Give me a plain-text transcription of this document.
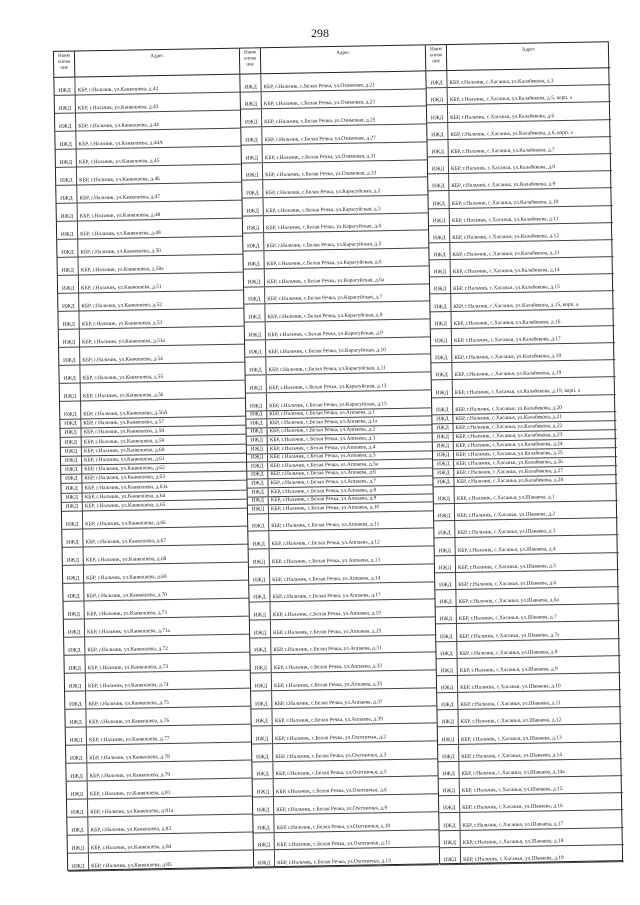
298
Наим енова ние
Адрес
ИЖД	КБР, г.Нальчик, ул.Канкошева, д.42
ИЖД	КБР, г.Нальчик, ул.Канкошева, д.43
ИЖД	КБР, г.Нальчик, ул.Канкошева, д.44
ИЖД	КБР, г.Нальчик, ул.Канкошева, д.44А
ИЖД	КБР, г.Нальчик, ул.Канкошева, д.45
ИЖД	КБР, г.Нальчик, ул.Канкошева, д.46
ИЖД	КБР, г.Нальчик, ул.Канкошева, д.47
ИЖД	КБР, г.Нальчик, ул.Канкошева, д.48
ИЖД	КБР, г.Нальчик, ул.Канкошева, д.49
ИЖД	КБР, г.Нальчик, ул.Канкошева, д.50
ИЖД	КБР, г.Нальчик, ул.Канкошева, д.50а
ИЖД	КБР, г.Нальчик, ул.Канкошева, д.51
ИЖД	КБР, г.Нальчик, ул.Канкошева, д.52
ИЖД	КБР, г.Нальчик, ул.Канкошева, д.53
ИЖД	КБР, г.Нальчик, ул.Канкошева, д.53а
ИЖД	КБР, г.Нальчик, ул.Канкошева, д.54
ИЖД	КБР, г.Нальчик, ул.Канкошева, д.55
ИЖД	КБР, г.Нальчик, ул.Канкошева, д.56
ИЖД	КБР, г.Нальчик, ул.Канкошева, д.56А
ИЖД	КБР, г.Нальчик, ул.Канкошева, д.57
ИЖД	КБР, г.Нальчик, ул.Канкошева, д.58
ИЖД	КБР, г.Нальчик, ул.Канкошева, д.59
ИЖД	КБР, г.Нальчик, ул.Канкошева, д.60
ИЖД	КБР, г.Нальчик, ул.Канкошева, д.61
ИЖД	КБР, г.Нальчик, ул.Канкошева, д.62
ИЖД	КБР, г.Нальчик, ул.Канкошева, д.63
ИЖД	КБР, г.Нальчик, ул.Канкошева, д.63а
ИЖД	КБР, г.Нальчик, ул.Канкошева, д.64
ИЖД	КБР, г.Нальчик, ул.Канкошева, д.65
ИЖД	КБР, г.Нальчик, ул.Канкошева, д.66
ИЖД	КБР, г.Нальчик, ул.Канкошева, д.67
ИЖД	КБР, г.Нальчик, ул.Канкошева, д.68
ИЖД	КБР, г.Нальчик, ул.Канкошева, д.69
ИЖД	КБР, г.Нальчик, ул.Канкошева, д.70
ИЖД	КБР, г.Нальчик, ул.Канкошева, д.71
ИЖД	КБР, г.Нальчик, ул.Канкошева, д.71а
ИЖД	КБР, г.Нальчик, ул.Канкошева, д.72
ИЖД	КБР, г.Нальчик, ул.Канкошева, д.73
ИЖД	КБР, г.Нальчик, ул.Канкошева, д.74
ИЖД	КБР, г.Нальчик, ул.Канкошева, д.75
ИЖД	КБР, г.Нальчик, ул.Канкошева, д.76
ИЖД	КБР, г.Нальчик, ул.Канкошева, д.77
ИЖД	КБР, г.Нальчик, ул.Канкошева, д.78
ИЖД	КБР, г.Нальчик, ул.Канкошева, д.79
ИЖД	КБР, г.Нальчик, ул.Канкошева, д.81
ИЖД	КБР, г.Нальчик, ул.Канкошева, д.81а
ИЖД	КБР, г.Нальчик, ул.Канкошева, д.83
ИЖД	КБР, г.Нальчик, ул.Канкошева, д.84
ИЖД	КБР, г.Нальчик, ул.Канкошева, д.85
Наим енова ние
Адрес
ИЖД	КБР, г.Нальчик, с.Белая Речка, ул.Озимовая, д.21
ИЖД	КБР, г.Нальчик, с.Белая Речка, ул.Озимовая, д.23
ИЖД	КБР, г.Нальчик, с.Белая Речка, ул.Озимовая, д.25
ИЖД	КБР, г.Нальчик, с.Белая Речка, ул.Озимовая, д.27
ИЖД	КБР, г.Нальчик, с.Белая Речка, ул.Озимовая, д.31
ИЖД	КБР, г.Нальчик, с.Белая Речка, ул.Озимовая, д.33
ИЖД	КБР, г.Нальчик, с.Белая Речка, ул.Карасуйская, д.2
ИЖД	КБР, г.Нальчик, с.Белая Речка, ул.Карасуйская, д.3
ИЖД	КБР, г.Нальчик, с.Белая Речка, ул.Карасуйская, д.4
ИЖД	КБР, г.Нальчик, с.Белая Речка, ул.Карасуйская, д.5
ИЖД	КБР, г.Нальчик, с.Белая Речка, ул.Карасуйская, д.6
ИЖД	КБР, г.Нальчик, с.Белая Речка, ул.Карасуйская, д.6а
ИЖД	КБР, г.Нальчик, с.Белая Речка, ул.Карасуйская, д.7
ИЖД	КБР, г.Нальчик, с.Белая Речка, ул.Карасуйская, д.8
ИЖД	КБР, г.Нальчик, с.Белая Речка, ул.Карасуйская, д.9
ИЖД	КБР, г.Нальчик, с.Белая Речка, ул.Карасуйская, д.10
ИЖД	КБР, г.Нальчик, с.Белая Речка, ул.Карасуйская, д.11
ИЖД	КБР, г.Нальчик, с.Белая Речка, ул.Карасуйская, д.13
ИЖД	КБР, г.Нальчик, с.Белая Речка, ул.Карасуйская, д.15
ИЖД	КБР, г.Нальчик, с.Белая Речка, ул.Аппаева, д.1
ИЖД	КБР, г.Нальчик, с.Белая Речка, ул.Аппаева, д.1а
ИЖД	КБР, г.Нальчик, с.Белая Речка, ул.Аппаева, д.2
ИЖД	КБР, г.Нальчик, с.Белая Речка, ул.Аппаева, д.3
ИЖД	КБР, г.Нальчик, с.Белая Речка, ул.Аппаева, д.4
ИЖД	КБР, г.Нальчик, с.Белая Речка, ул.Аппаева, д.5
ИЖД	КБР, г.Нальчик, с.Белая Речка, ул.Аппаева, д.5а
ИЖД	КБР, г.Нальчик, с.Белая Речка, ул.Аппаева, д.6
ИЖД	КБР, г.Нальчик, с.Белая Речка, ул.Аппаева, д.7
ИЖД	КБР, г.Нальчик, с.Белая Речка, ул.Аппаева, д.8
ИЖД	КБР, г.Нальчик, с.Белая Речка, ул.Аппаева, д.9
ИЖД	КБР, г.Нальчик, с.Белая Речка, ул.Аппаева, д.10
ИЖД	КБР, г.Нальчик, с.Белая Речка, ул.Аппаева, д.11
ИЖД	КБР, г.Нальчик, с.Белая Речка, ул.Аппаева, д.12
ИЖД	КБР, г.Нальчик, с.Белая Речка, ул.Аппаева, д.13
ИЖД	КБР, г.Нальчик, с.Белая Речка, ул.Аппаева, д.14
ИЖД	КБР, г.Нальчик, с.Белая Речка, ул.Аппаева, д.17
ИЖД	КБР, г.Нальчик, с.Белая Речка, ул.Аппаева, д.19
ИЖД	КБР, г.Нальчик, с.Белая Речка, ул.Аппаева, д.25
ИЖД	КБР, г.Нальчик, с.Белая Речка, ул.Аппаева, д.31
ИЖД	КБР, г.Нальчик, с.Белая Речка, ул.Аппаева, д.33
ИЖД	КБР, г.Нальчик, с.Белая Речка, ул.Аппаева, д.35
ИЖД	КБР, г.Нальчик, с.Белая Речка, ул.Аппаева, д.37
ИЖД	КБР, г.Нальчик, с.Белая Речка, ул.Аппаева, д.39
ИЖД	КБР, г.Нальчик, с.Белая Речка, ул.Охотничья, д.2
ИЖД	КБР, г.Нальчик, с.Белая Речка, ул.Охотничья, д.3
ИЖД	КБР, г.Нальчик, с.Белая Речка, ул.Охотничья, д.5
ИЖД	КБР, г.Нальчик, с.Белая Речка, ул.Охотничья, д.6
ИЖД	КБР, г.Нальчик, с.Белая Речка, ул.Охотничья, д.9
ИЖД	КБР, г.Нальчик, с.Белая Речка, ул.Охотничья, д.10
ИЖД	КБР, г.Нальчик, с.Белая Речка, ул.Охотничья, д.11
ИЖД	КБР, г.Нальчик, с.Белая Речка, ул.Охотничья, д.13
Наим енова ние
Адрес
ИЖД	КБР, г.Нальчик, с.Хасанья, ул.Калабекова, д.3
ИЖД	КБР, г.Нальчик, с.Хасанья, ул.Калабекова, д.5, корп. а
ИЖД	КБР, г.Нальчик, с.Хасанья, ул.Калабекова, д.6
ИЖД	КБР, г.Нальчик, с.Хасанья, ул.Калабекова, д.6, корп. а
ИЖД	КБР, г.Нальчик, с.Хасанья, ул.Калабекова, д.7
ИЖД	КБР, г.Нальчик, с.Хасанья, ул.Калабекова, д.8
ИЖД	КБР, г.Нальчик, с.Хасанья, ул.Калабекова, д.9
ИЖД	КБР, г.Нальчик, с.Хасанья, ул.Калабекова, д.10
ИЖД	КБР, г.Нальчик, с.Хасанья, ул.Калабекова, д.11
ИЖД	КБР, г.Нальчик, с.Хасанья, ул.Калабекова, д.12
ИЖД	КБР, г.Нальчик, с.Хасанья, ул.Калабекова, д.13
ИЖД	КБР, г.Нальчик, с.Хасанья, ул.Калабекова, д.14
ИЖД	КБР, г.Нальчик, с.Хасанья, ул.Калабекова, д.15
ИЖД	КБР, г.Нальчик, с.Хасанья, ул.Калабекова, д.15, корп. а
ИЖД	КБР, г.Нальчик, с.Хасанья, ул.Калабекова, д.16
ИЖД	КБР, г.Нальчик, с.Хасанья, ул.Калабекова, д.17
ИЖД	КБР, г.Нальчик, с.Хасанья, ул.Калабекова, д.18
ИЖД	КБР, г.Нальчик, с.Хасанья, ул.Калабекова, д.19
ИЖД	КБР, г.Нальчик, с.Хасанья, ул.Калабекова, д.19, корп. а
ИЖД	КБР, г.Нальчик, с.Хасанья, ул.Калабекова, д.20
ИЖД	КБР, г.Нальчик, с.Хасанья, ул.Калабекова, д.21
ИЖД	КБР, г.Нальчик, с.Хасанья, ул.Калабекова, д.22
ИЖД	КБР, г.Нальчик, с.Хасанья, ул.Калабекова, д.23
ИЖД	КБР, г.Нальчик, с.Хасанья, ул.Калабекова, д.24
ИЖД	КБР, г.Нальчик, с.Хасанья, ул.Калабекова, д.25
ИЖД	КБР, г.Нальчик, с.Хасанья, ул.Калабекова, д.26
ИЖД	КБР, г.Нальчик, с.Хасанья, ул.Калабекова, д.27
ИЖД	КБР, г.Нальчик, с.Хасанья, ул.Калабекова, д.28
ИЖД	КБР, г.Нальчик, с.Хасанья, ул.Шаваева, д.1
ИЖД	КБР, г.Нальчик, с.Хасанья, ул.Шаваева, д.2
ИЖД	КБР, г.Нальчик, с.Хасанья, ул.Шаваева, д.3
ИЖД	КБР, г.Нальчик, с.Хасанья, ул.Шаваева, д.4
ИЖД	КБР, г.Нальчик, с.Хасанья, ул.Шаваева, д.5
ИЖД	КБР, г.Нальчик, с.Хасанья, ул.Шаваева, д.6
ИЖД	КБР, г.Нальчик, с.Хасанья, ул.Шаваева, д.6а
ИЖД	КБР, г.Нальчик, с.Хасанья, ул.Шаваева, д.7
ИЖД	КБР, г.Нальчик, с.Хасанья, ул.Шаваева, д.7а
ИЖД	КБР, г.Нальчик, с.Хасанья, ул.Шаваева, д.8
ИЖД	КБР, г.Нальчик, с.Хасанья, ул.Шаваева, д.9
ИЖД	КБР, г.Нальчик, с.Хасанья, ул.Шаваева, д.10
ИЖД	КБР, г.Нальчик, с.Хасанья, ул.Шаваева, д.11
ИЖД	КБР, г.Нальчик, с.Хасанья, ул.Шаваева, д.12
ИЖД	КБР, г.Нальчик, с.Хасанья, ул.Шаваева, д.13
ИЖД	КБР, г.Нальчик, с.Хасанья, ул.Шаваева, д.14
ИЖД	КБР, г.Нальчик, с.Хасанья, ул.Шаваева, д.14а
ИЖД	КБР, г.Нальчик, с.Хасанья, ул.Шаваева, д.15
ИЖД	КБР, г.Нальчик, с.Хасанья, ул.Шаваева, д.16
ИЖД	КБР, г.Нальчик, с.Хасанья, ул.Шаваева, д.17
ИЖД	КБР, г.Нальчик, с.Хасанья, ул.Шаваева, д.18
ИЖД	КБР, г.Нальчик, с.Хасанья, ул.Шаваева, д.19
